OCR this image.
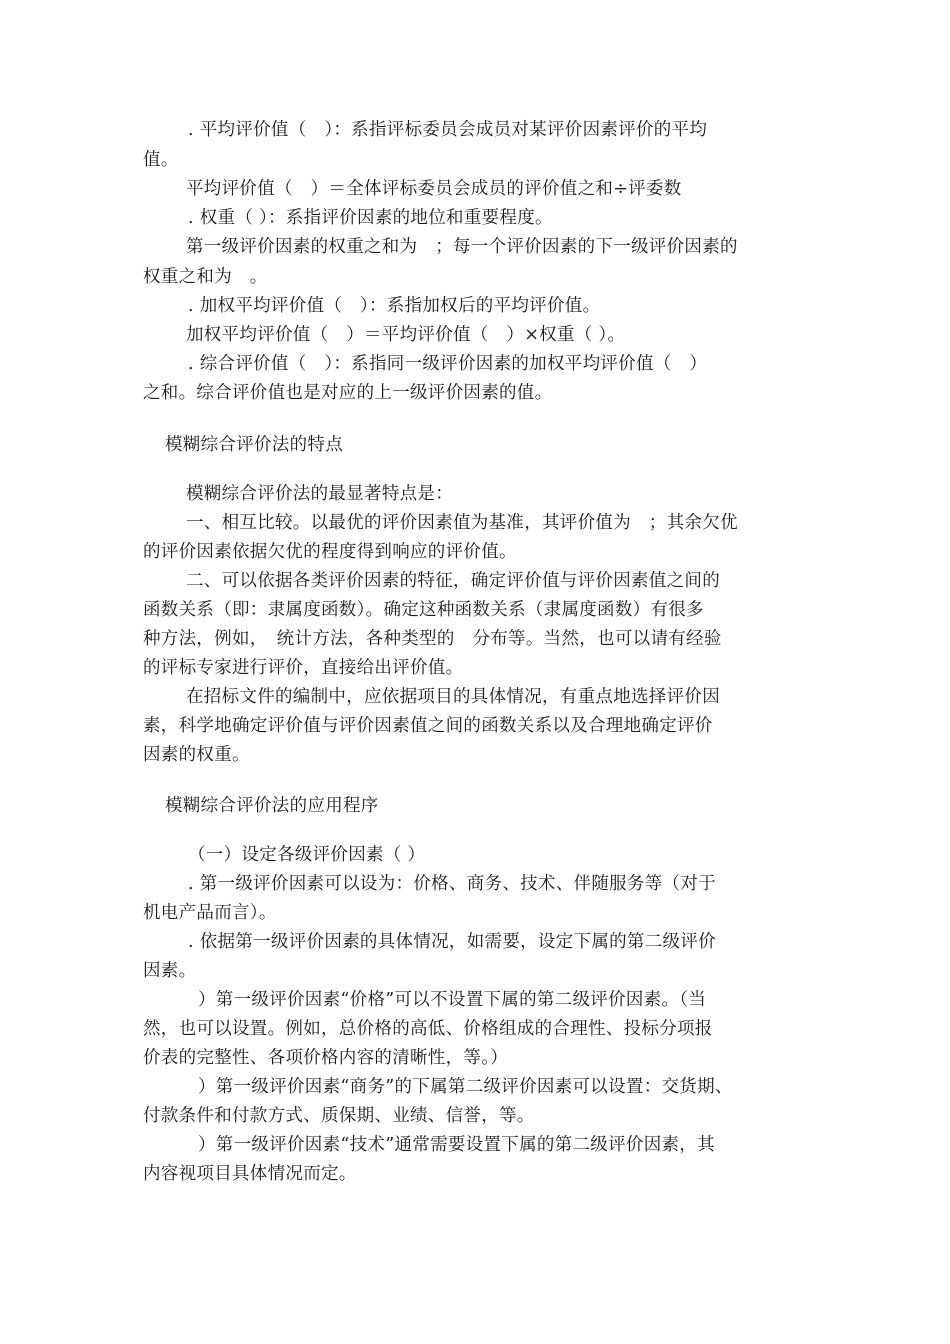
. 平均评价值（　）：系指评标委员会成员对某评价因素评价的平均
值。
平均评价值（　）＝全体评标委员会成员的评价值之和÷评委数
. 权重（ ）：系指评价因素的地位和重要程度。
第一级评价因素的权重之和为　；每一个评价因素的下一级评价因素的
权重之和为　。
. 加权平均评价值（　）：系指加权后的平均评价值。
加权平均评价值（　）＝平均评价值（　）×权重（ ）。
. 综合评价值（　）：系指同一级评价因素的加权平均评价值（　）
之和。综合评价值也是对应的上一级评价因素的值。
模糊综合评价法的特点
模糊综合评价法的最显著特点是：
一、相互比较。以最优的评价因素值为基准，其评价值为　；其余欠优
的评价因素依据欠优的程度得到响应的评价值。
二、可以依据各类评价因素的特征，确定评价值与评价因素值之间的
函数关系（即：隶属度函数）。确定这种函数关系（隶属度函数）有很多
种方法，例如，　统计方法，各种类型的　分布等。当然，也可以请有经验
的评标专家进行评价，直接给出评价值。
在招标文件的编制中，应依据项目的具体情况，有重点地选择评价因
素，科学地确定评价值与评价因素值之间的函数关系以及合理地确定评价
因素的权重。
模糊综合评价法的应用程序
（一）设定各级评价因素（ ）
. 第一级评价因素可以设为：价格、商务、技术、伴随服务等（对于
机电产品而言）。
. 依据第一级评价因素的具体情况，如需要，设定下属的第二级评价
因素。
）第一级评价因素“价格”可以不设置下属的第二级评价因素。（当
然，也可以设置。例如，总价格的高低、价格组成的合理性、投标分项报
价表的完整性、各项价格内容的清晰性，等。）
）第一级评价因素“商务”的下属第二级评价因素可以设置：交货期、
付款条件和付款方式、质保期、业绩、信誉，等。
）第一级评价因素“技术”通常需要设置下属的第二级评价因素，其
内容视项目具体情况而定。
